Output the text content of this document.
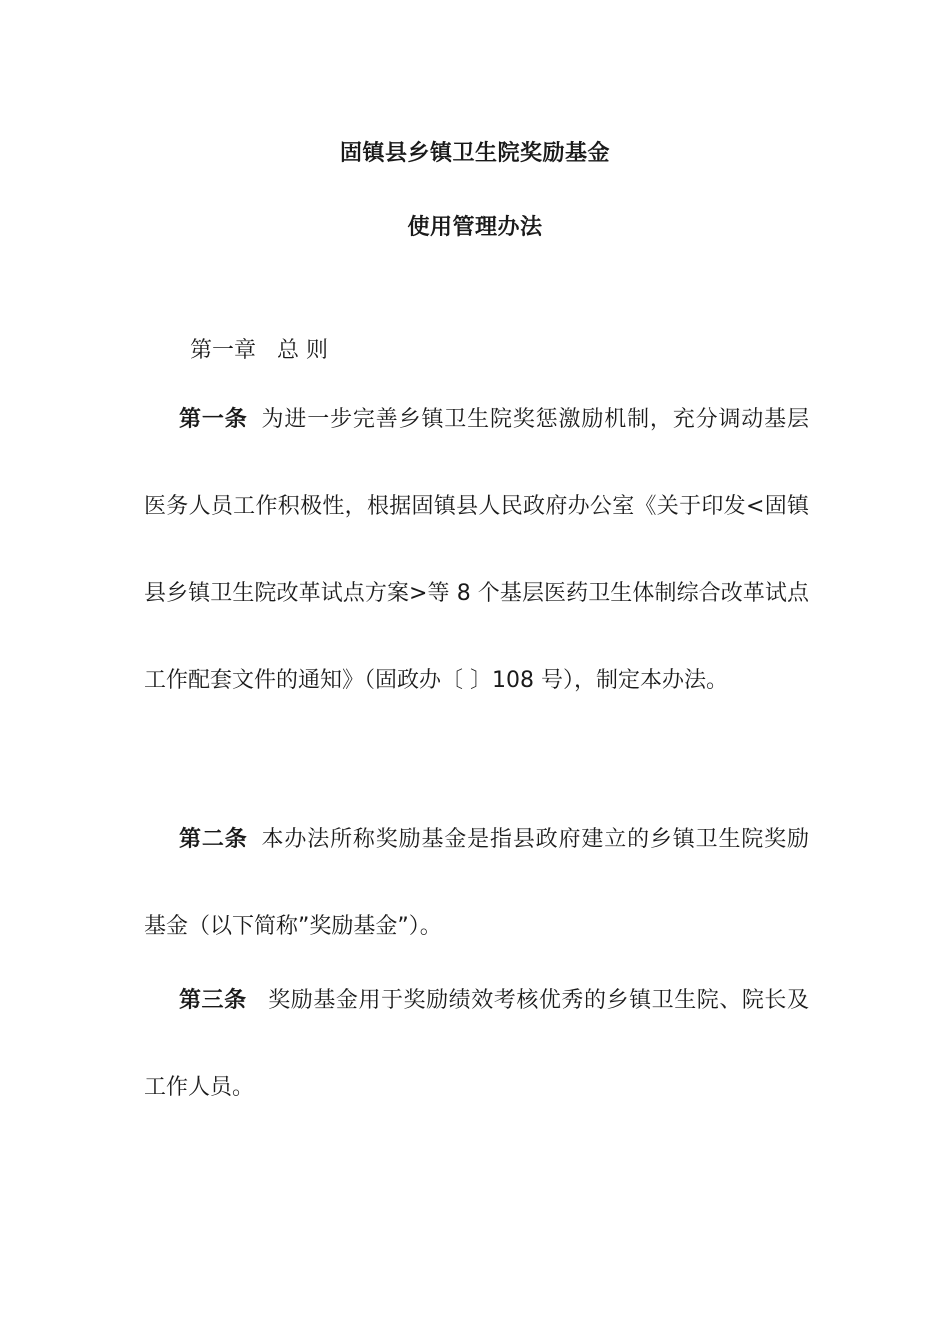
固镇县乡镇卫生院奖励基金
使用管理办法
第一章   总 则

第一条 为进一步完善乡镇卫生院奖惩激励机制，充分调动基层医务人员工作积极性，根据固镇县人民政府办公室《关于印发<固镇县乡镇卫生院改革试点方案>等 8 个基层医药卫生体制综合改革试点工作配套文件的通知》（固政办〔 〕108 号），制定本办法。

第二条 本办法所称奖励基金是指县政府建立的乡镇卫生院奖励基金（以下简称”奖励基金”）。

第三条 奖励基金用于奖励绩效考核优秀的乡镇卫生院、院长及工作人员。
